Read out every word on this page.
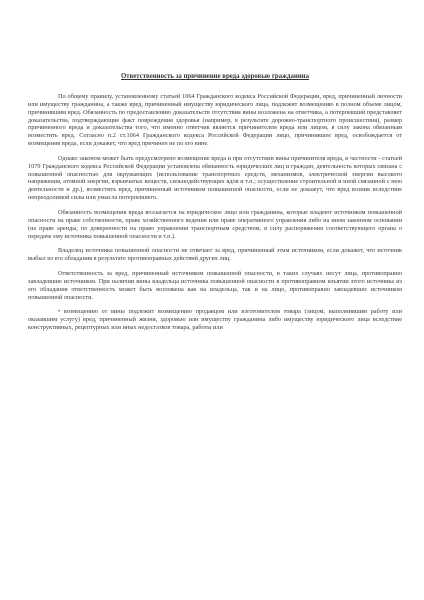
Ответственность за причинение вреда здоровью гражданина

По общему правилу, установленному статьей 1064 Гражданского кодекса Российской Федерации, вред, причиненный личности или имуществу гражданина, а также вред, причиненный имуществу юридического лица, подлежит возмещению в полном объеме лицом, причинившим вред. Обязанность по предоставлению доказательств отсутствия вины возложена на ответчика, а потерпевший представляет доказательства, подтверждающие факт повреждения здоровья (например, в результате дорожно-транспортного происшествия), размер причиненного вреда и доказательства того, что именно ответчик является причинителем вреда или лицом, в силу закона обязанным возместить вред. Согласно п.2 ст.1064 Гражданского кодекса Российской Федерации лицо, причинившее вред, освобождается от возмещения вреда, если докажет, что вред причинен не по его вине.

Однако законом может быть предусмотрено возмещение вреда и при отсутствии вины причинителя вреда, в частности - статьей 1079 Гражданского кодекса Российской Федерации установлена обязанность юридических лиц и граждан, деятельность которых связана с повышенной опасностью для окружающих (использование транспортных средств, механизмов, электрической энергии высокого напряжения, атомной энергии, взрывчатых веществ, сильнодействующих ядов и т.п.; осуществление строительной и иной связанной с нею деятельности и др.), возместить вред, причиненный источником повышенной опасности, если не докажут, что вред возник вследствие непреодолимой силы или умысла потерпевшего.

Обязанность возмещения вреда возлагается на юридическое лицо или гражданина, которые владеют источником повышенной опасности на праве собственности, праве хозяйственного ведения или праве оперативного управления либо на ином законном основании (на праве аренды, по доверенности на право управления транспортным средством, в силу распоряжения соответствующего органа о передаче ему источника повышенной опасности и т.п.).

Владелец источника повышенной опасности не отвечает за вред, причиненный этим источником, если докажет, что источник выбыл из его обладания в результате противоправных действий других лиц.

Ответственность за вред, причиненный источником повышенной опасности, в таких случаях несут лица, противоправно завладевшие источником. При наличии вины владельца источника повышенной опасности в противоправном изъятии этого источника из его обладания ответственность может быть возложена как на владельца, так и на лицо, противоправно завладевшее источником повышенной опасности.

• возмещению от вины подлежит возмещению продавцом или изготовителем товара (лицом, выполнившим работу или оказавшим услугу) вред, причиненный жизни, здоровью или имуществу гражданина либо имуществу юридического лица вследствие конструктивных, рецептурных или иных недостатков товара, работы или
